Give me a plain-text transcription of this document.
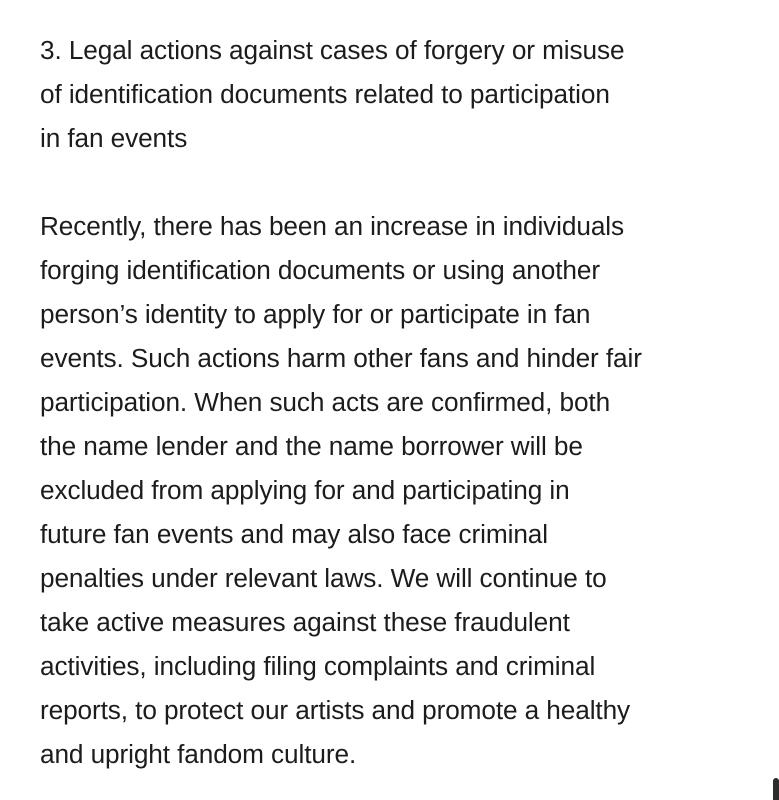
3. Legal actions against cases of forgery or misuse
of identification documents related to participation
in fan events

Recently, there has been an increase in individuals
forging identification documents or using another
person’s identity to apply for or participate in fan
events. Such actions harm other fans and hinder fair
participation. When such acts are confirmed, both
the name lender and the name borrower will be
excluded from applying for and participating in
future fan events and may also face criminal
penalties under relevant laws. We will continue to
take active measures against these fraudulent
activities, including filing complaints and criminal
reports, to protect our artists and promote a healthy
and upright fandom culture.
